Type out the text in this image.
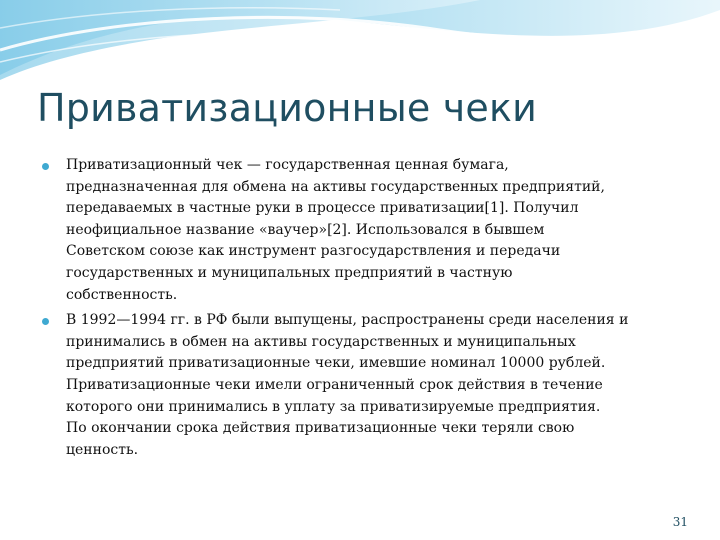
Приватизационные чеки
Приватизационный чек — государственная ценная бумага,
предназначенная для обмена на активы государственных предприятий,
передаваемых в частные руки в процессе приватизации[1]. Получил
неофициальное название «ваучер»[2]. Использовался в бывшем
Советском союзе как инструмент разгосударствления и передачи
государственных и муниципальных предприятий в частную
собственность.
В 1992—1994 гг. в РФ были выпущены, распространены среди населения и
принимались в обмен на активы государственных и муниципальных
предприятий приватизационные чеки, имевшие номинал 10000 рублей.
Приватизационные чеки имели ограниченный срок действия в течение
которого они принимались в уплату за приватизируемые предприятия.
По окончании срока действия приватизационные чеки теряли свою
ценность.
31
